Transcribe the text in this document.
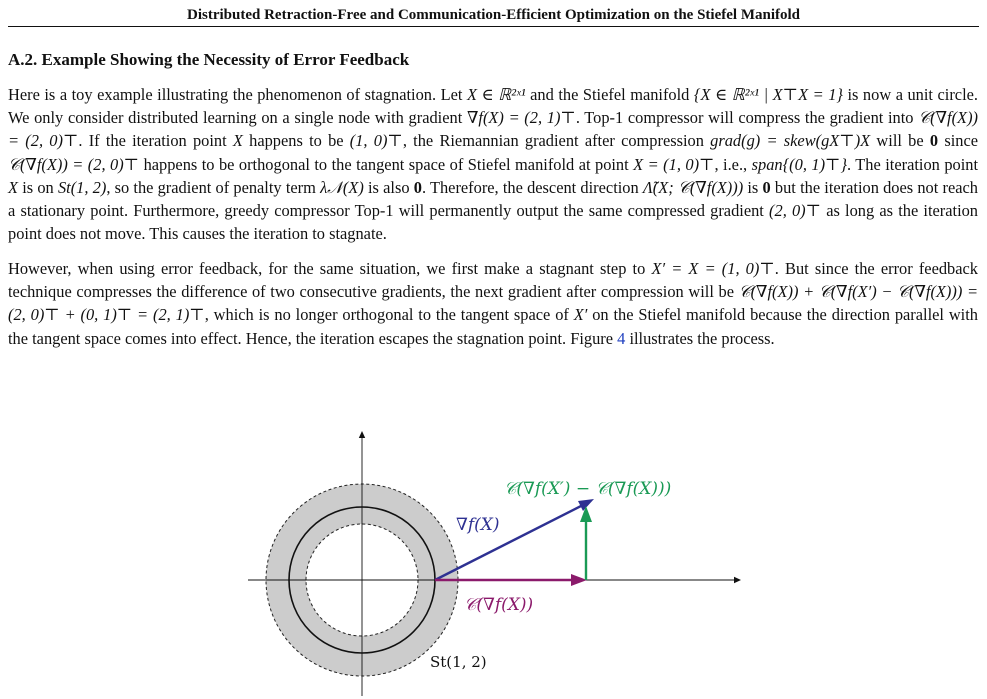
Distributed Retraction-Free and Communication-Efficient Optimization on the Stiefel Manifold
A.2. Example Showing the Necessity of Error Feedback

Here is a toy example illustrating the phenomenon of stagnation. Let X ∈ ℝ²ˣ¹ and the Stiefel manifold {X ∈ ℝ²ˣ¹ | X⊤X = 1} is now a unit circle. We only consider distributed learning on a single node with gradient ∇f(X) = (2, 1)⊤. Top-1 compressor will compress the gradient into 𝒞(∇f(X)) = (2, 0)⊤. If the iteration point X happens to be (1, 0)⊤, the Riemannian gradient after compression grad(g) = skew(gX⊤)X will be 0 since 𝒞(∇f(X)) = (2, 0)⊤ happens to be orthogonal to the tangent space of Stiefel manifold at point X = (1, 0)⊤, i.e., span{(0, 1)⊤}. The iteration point X is on St(1, 2), so the gradient of penalty term λ𝒩(X) is also 0. Therefore, the descent direction Λ̃(X; 𝒞(∇f(X))) is 0 but the iteration does not reach a stationary point. Furthermore, greedy compressor Top-1 will permanently output the same compressed gradient (2, 0)⊤ as long as the iteration point does not move. This causes the iteration to stagnate.

However, when using error feedback, for the same situation, we first make a stagnant step to X′ = X = (1, 0)⊤. But since the error feedback technique compresses the difference of two consecutive gradients, the next gradient after compression will be 𝒞(∇f(X)) + 𝒞(∇f(X′) − 𝒞(∇f(X))) = (2, 0)⊤ + (0, 1)⊤ = (2, 1)⊤, which is no longer orthogonal to the tangent space of X′ on the Stiefel manifold because the direction parallel with the tangent space comes into effect. Hence, the iteration escapes the stagnation point. Figure 4 illustrates the process.

∇f(X)
𝒞(∇f(X))
𝒞(∇f(X′) − 𝒞(∇f(X)))
St(1, 2)
